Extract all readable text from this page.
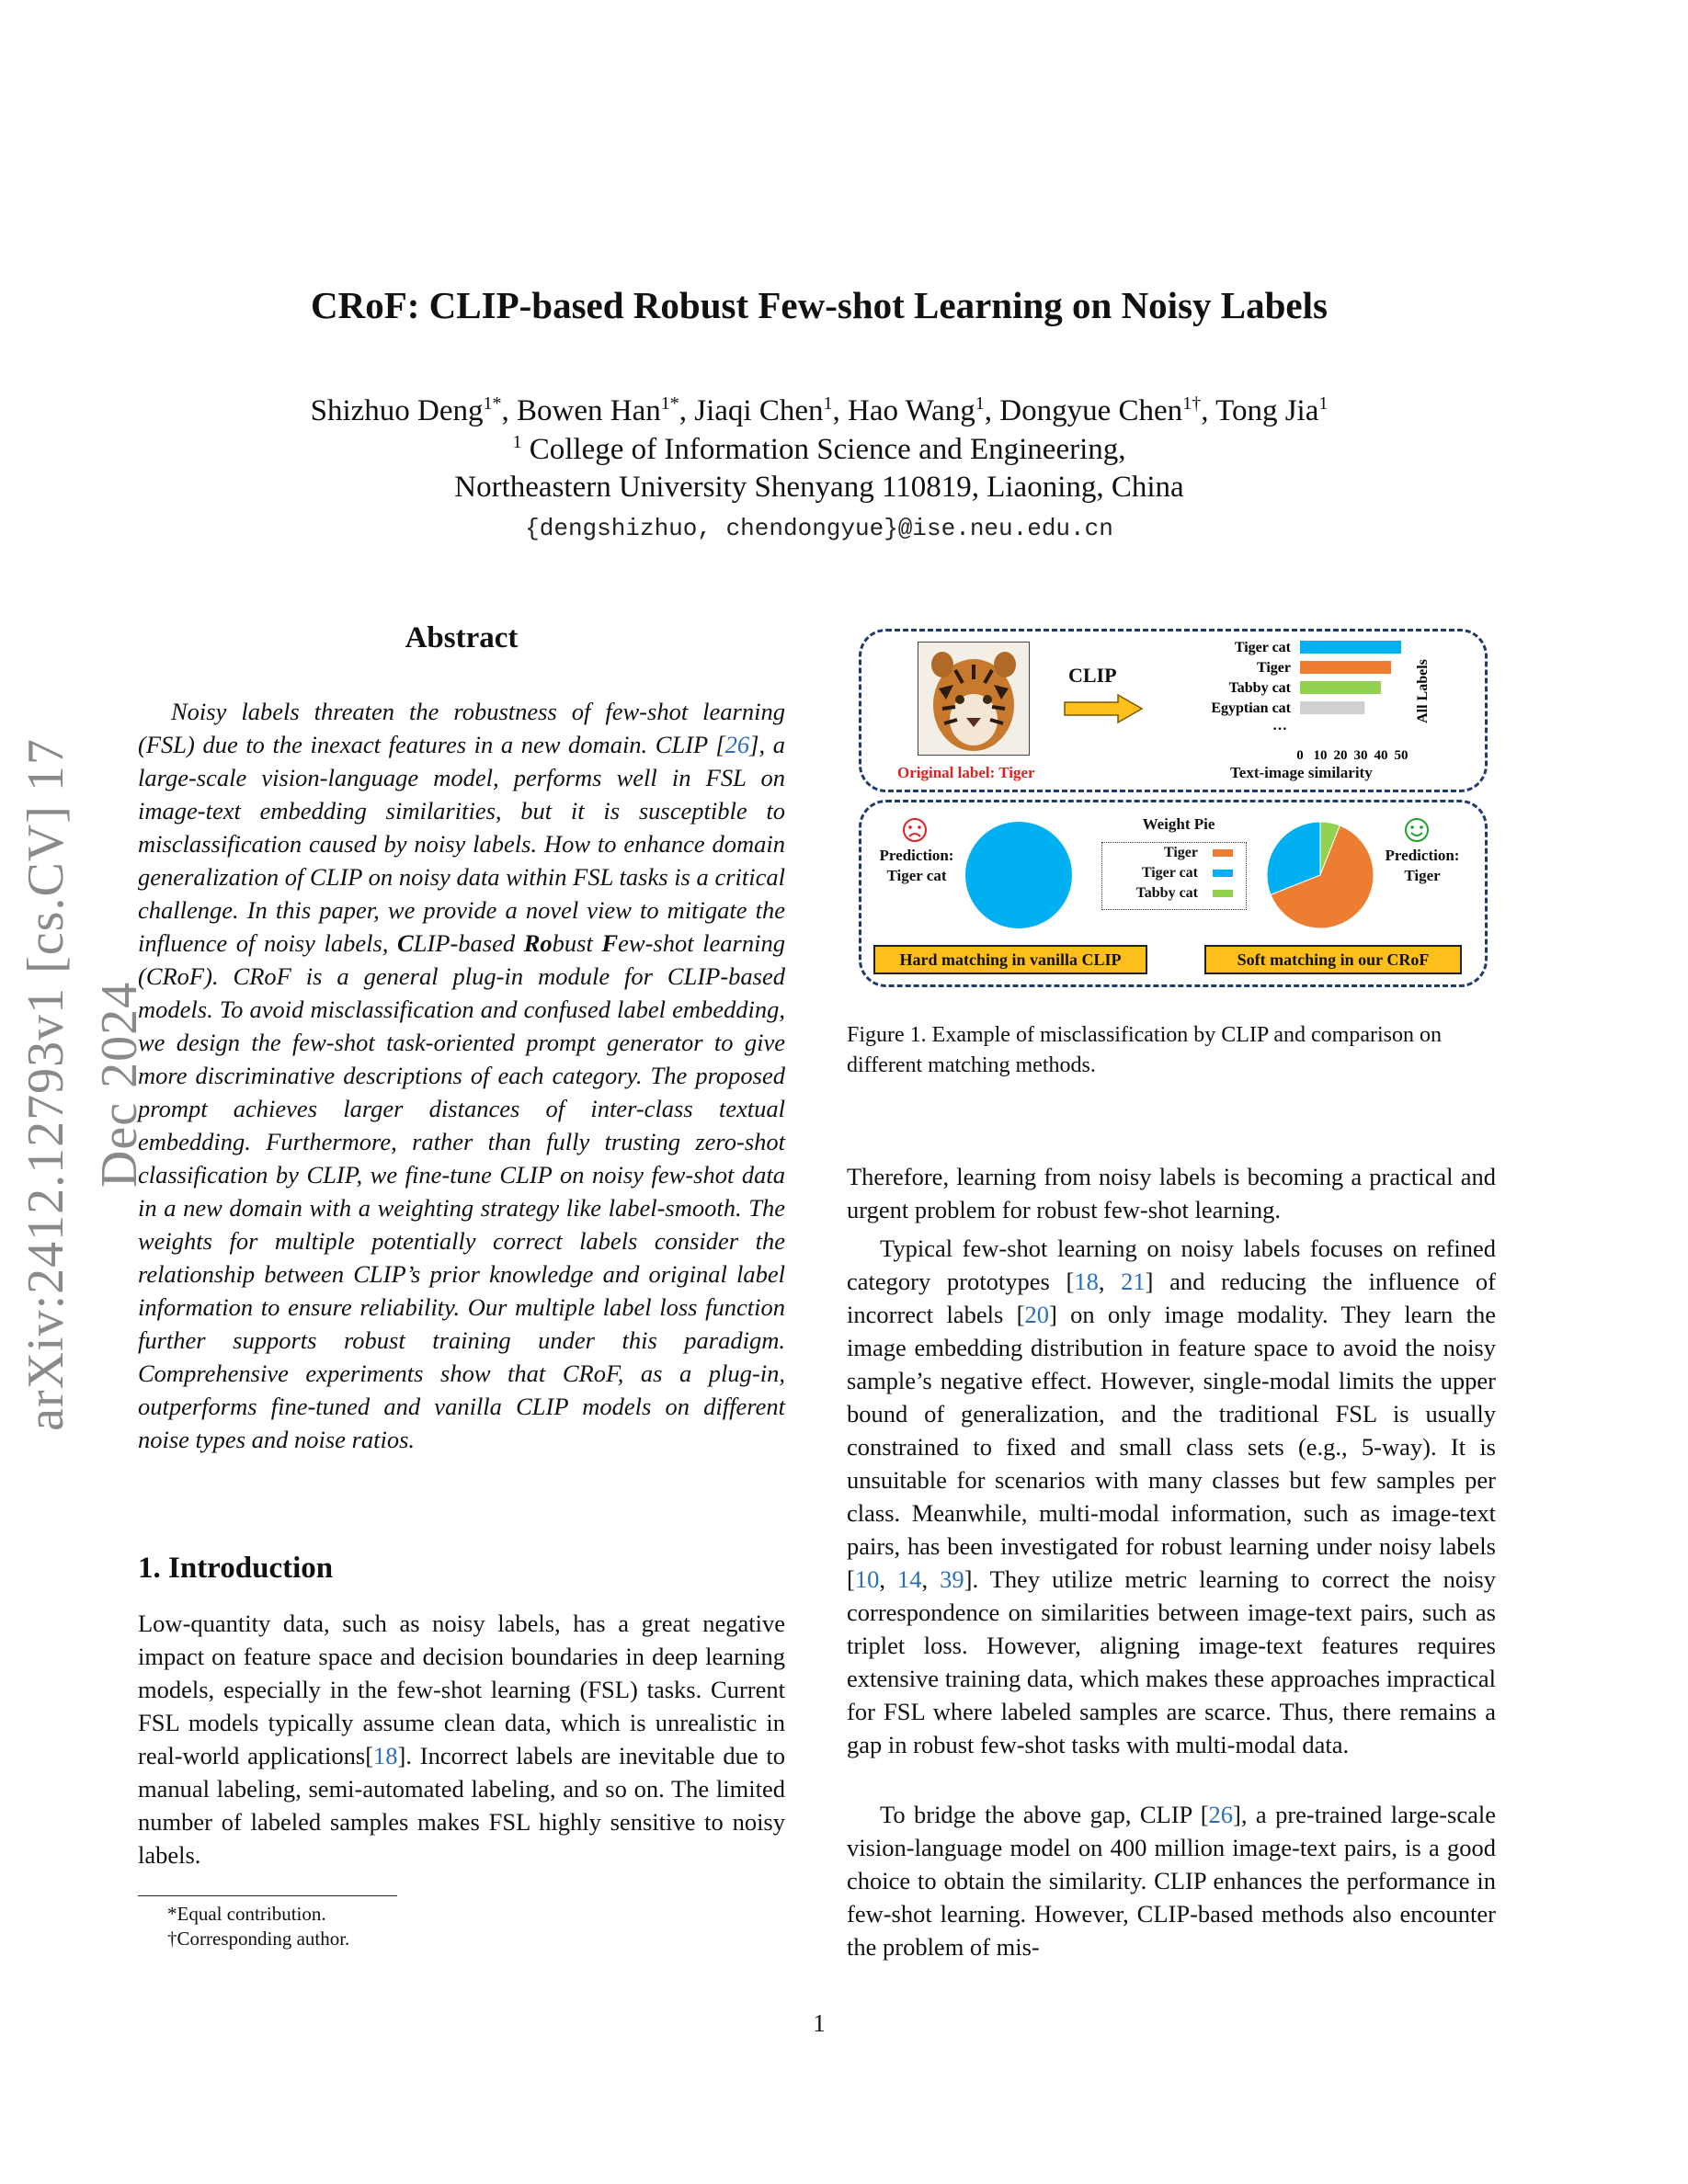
arXiv:2412.12793v1 [cs.CV] 17 Dec 2024
CRoF: CLIP-based Robust Few-shot Learning on Noisy Labels
Shizhuo Deng$^{1*}$, Bowen Han$^{1*}$, Jiaqi Chen$^1$, Hao Wang$^1$, Dongyue Chen$^{1\dagger}$, Tong Jia$^1$
$^1$ College of Information Science and Engineering,
Northeastern University Shenyang 110819, Liaoning, China
{dengshizhuo, chendongyue}@ise.neu.edu.cn
Abstract
Noisy labels threaten the robustness of few-shot learning (FSL) due to the inexact features in a new domain. CLIP [26], a large-scale vision-language model, performs well in FSL on image-text embedding similarities, but it is susceptible to misclassification caused by noisy labels. How to enhance domain generalization of CLIP on noisy data within FSL tasks is a critical challenge. In this paper, we provide a novel view to mitigate the influence of noisy labels, CLIP-based Robust Few-shot learning (CRoF). CRoF is a general plug-in module for CLIP-based models. To avoid misclassification and confused label embedding, we design the few-shot task-oriented prompt generator to give more discriminative descriptions of each category. The proposed prompt achieves larger distances of inter-class textual embedding. Furthermore, rather than fully trusting zero-shot classification by CLIP, we fine-tune CLIP on noisy few-shot data in a new domain with a weighting strategy like label-smooth. The weights for multiple potentially correct labels consider the relationship between CLIP’s prior knowledge and original label information to ensure reliability. Our multiple label loss function further supports robust training under this paradigm. Comprehensive experiments show that CRoF, as a plug-in, outperforms fine-tuned and vanilla CLIP models on different noise types and noise ratios.
1. Introduction
Low-quantity data, such as noisy labels, has a great negative impact on feature space and decision boundaries in deep learning models, especially in the few-shot learning (FSL) tasks. Current FSL models typically assume clean data, which is unrealistic in real-world applications[18]. Incorrect labels are inevitable due to manual labeling, semi-automated labeling, and so on. The limited number of labeled samples makes FSL highly sensitive to noisy labels.
*Equal contribution.
†Corresponding author.
Original label: Tiger
CLIP
Tiger cat
Tiger
Tabby cat
Egyptian cat
…
0 10 20 30 40 50
All Labels
Text-image similarity
Prediction:
Tiger cat
Weight Pie
Tiger
Tiger cat
Tabby cat
Prediction:
Tiger
Hard matching in vanilla CLIP	Soft matching in our CRoF
Figure 1. Example of misclassification by CLIP and comparison on different matching methods.
Therefore, learning from noisy labels is becoming a practical and urgent problem for robust few-shot learning.
Typical few-shot learning on noisy labels focuses on refined category prototypes [18, 21] and reducing the influence of incorrect labels [20] on only image modality. They learn the image embedding distribution in feature space to avoid the noisy sample’s negative effect. However, single-modal limits the upper bound of generalization, and the traditional FSL is usually constrained to fixed and small class sets (e.g., 5-way). It is unsuitable for scenarios with many classes but few samples per class. Meanwhile, multi-modal information, such as image-text pairs, has been investigated for robust learning under noisy labels [10, 14, 39]. They utilize metric learning to correct the noisy correspondence on similarities between image-text pairs, such as triplet loss. However, aligning image-text features requires extensive training data, which makes these approaches impractical for FSL where labeled samples are scarce. Thus, there remains a gap in robust few-shot tasks with multi-modal data.
To bridge the above gap, CLIP [26], a pre-trained large-scale vision-language model on 400 million image-text pairs, is a good choice to obtain the similarity. CLIP enhances the performance in few-shot learning. However, CLIP-based methods also encounter the problem of mis-
1
